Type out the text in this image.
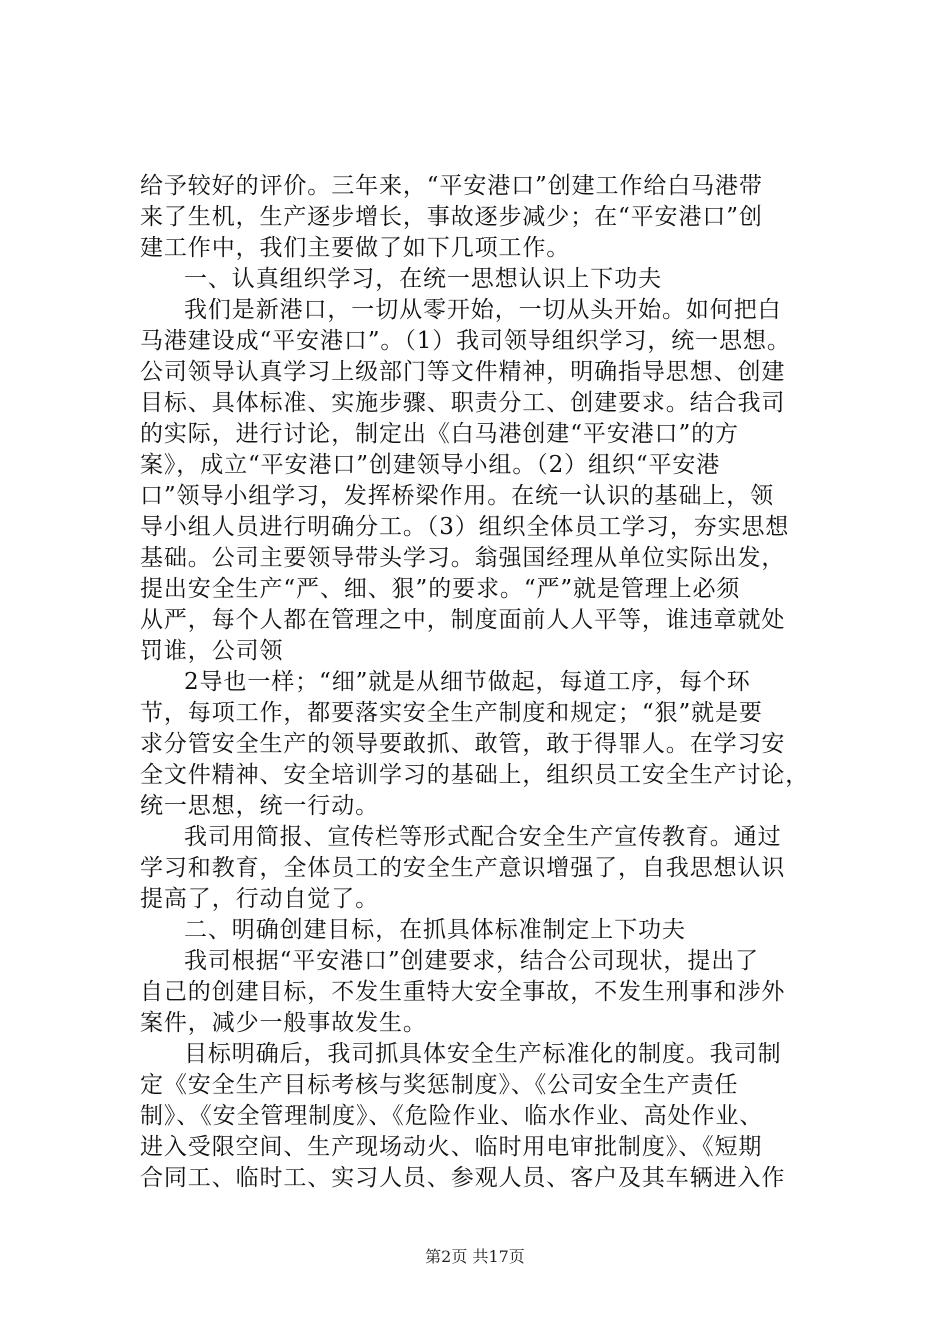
给予较好的评价。三年来，“平安港口”创建工作给白马港带
来了生机，生产逐步增长，事故逐步减少；在“平安港口”创
建工作中，我们主要做了如下几项工作。
一、认真组织学习，在统一思想认识上下功夫
我们是新港口，一切从零开始，一切从头开始。如何把白
马港建设成“平安港口”。（1）我司领导组织学习，统一思想。
公司领导认真学习上级部门等文件精神，明确指导思想、创建
目标、具体标准、实施步骤、职责分工、创建要求。结合我司
的实际，进行讨论，制定出《白马港创建“平安港口”的方
案》，成立“平安港口”创建领导小组。（2）组织“平安港
口”领导小组学习，发挥桥梁作用。在统一认识的基础上，领
导小组人员进行明确分工。（3）组织全体员工学习，夯实思想
基础。公司主要领导带头学习。翁强国经理从单位实际出发，
提出安全生产“严、细、狠”的要求。“严”就是管理上必须
从严，每个人都在管理之中，制度面前人人平等，谁违章就处
罚谁，公司领
2导也一样；“细”就是从细节做起，每道工序，每个环
节，每项工作，都要落实安全生产制度和规定；“狠”就是要
求分管安全生产的领导要敢抓、敢管，敢于得罪人。在学习安
全文件精神、安全培训学习的基础上，组织员工安全生产讨论，
统一思想，统一行动。
我司用简报、宣传栏等形式配合安全生产宣传教育。通过
学习和教育，全体员工的安全生产意识增强了，自我思想认识
提高了，行动自觉了。
二、明确创建目标，在抓具体标准制定上下功夫
我司根据“平安港口”创建要求，结合公司现状，提出了
自己的创建目标，不发生重特大安全事故，不发生刑事和涉外
案件，减少一般事故发生。
目标明确后，我司抓具体安全生产标准化的制度。我司制
定《安全生产目标考核与奖惩制度》、《公司安全生产责任
制》、《安全管理制度》、《危险作业、临水作业、高处作业、
进入受限空间、生产现场动火、临时用电审批制度》、《短期
合同工、临时工、实习人员、参观人员、客户及其车辆进入作
第2页 共17页
